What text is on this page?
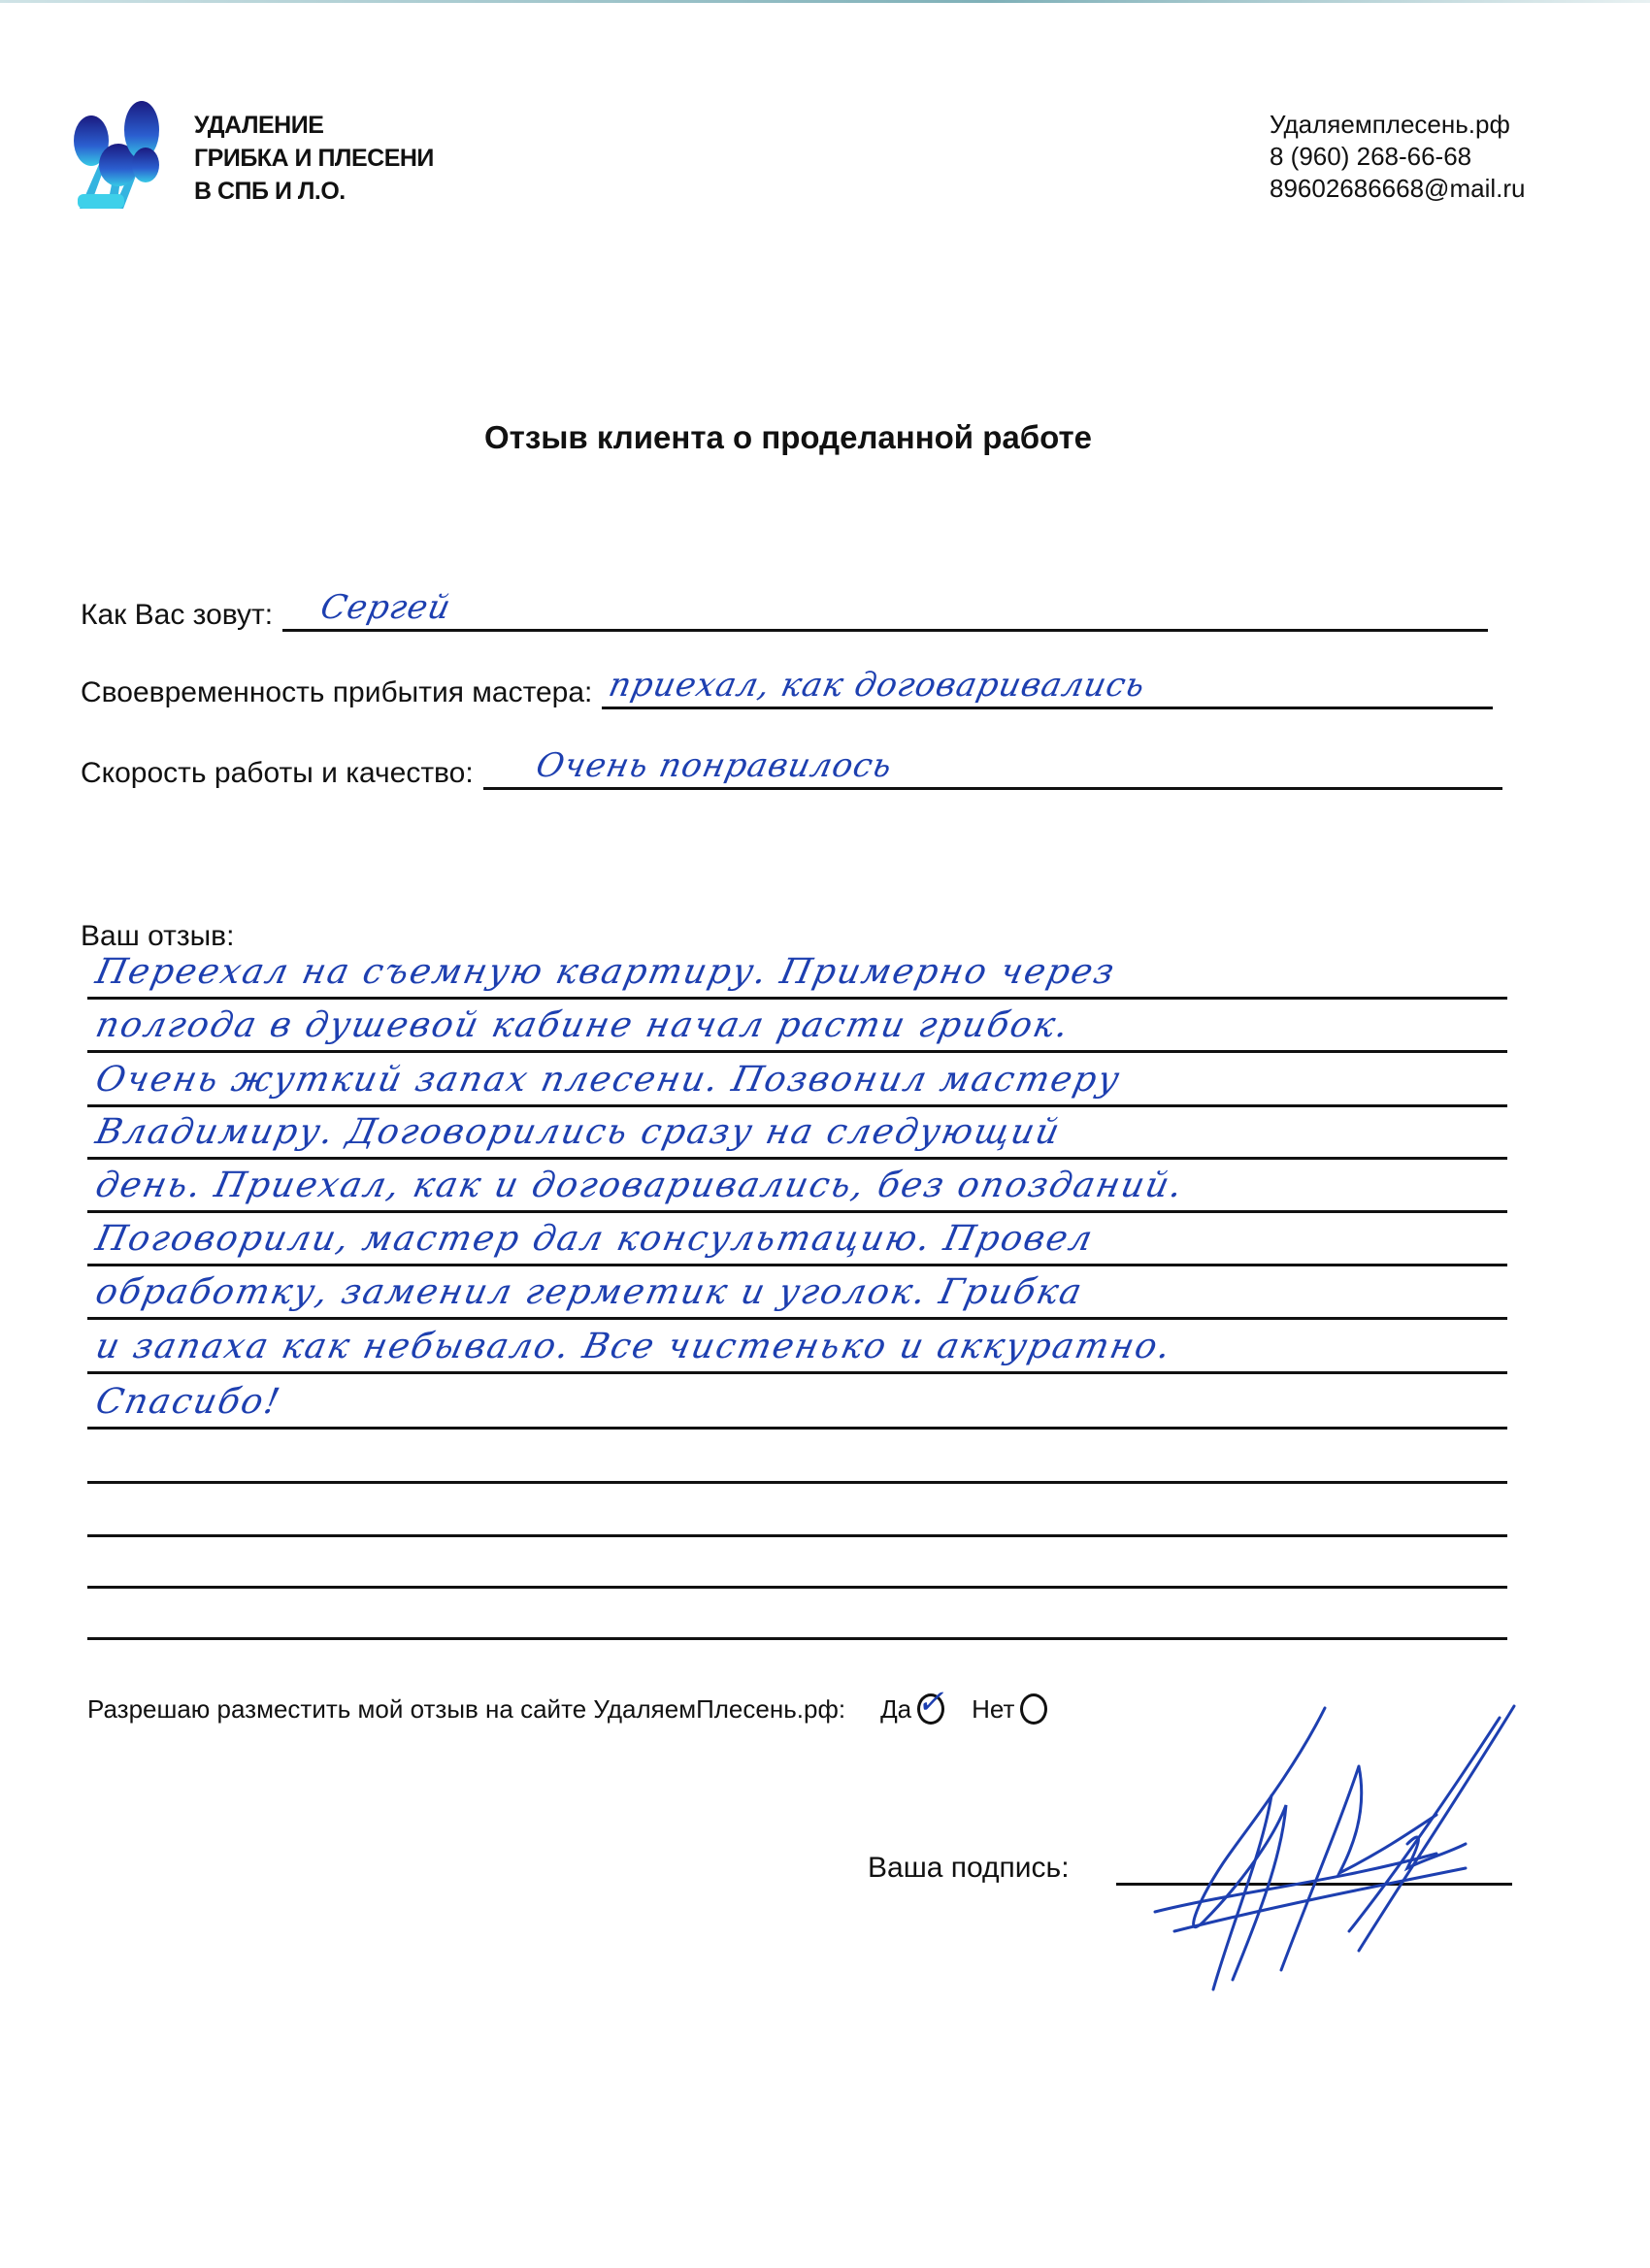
УДАЛЕНИЕ
ГРИБКА И ПЛЕСЕНИ
В СПБ И Л.О.
Удаляемплесень.рф
8 (960) 268-66-68
89602686668@mail.ru
Отзыв клиента о проделанной работе
Как Вас зовут: Сергей
Своевременность прибытия мастера: приехал, как договаривались
Скорость работы и качество: Очень понравилось
Ваш отзыв:
Переехал на съемную квартиру. Примерно через
полгода в душевой кабине начал расти грибок.
Очень жуткий запах плесени. Позвонил мастеру
Владимиру. Договорились сразу на следующий
день. Приехал, как и договаривались, без опозданий.
Поговорили, мастер дал консультацию. Провел
обработку, заменил герметик и уголок. Грибка
и запаха как небывало. Все чистенько и аккуратно.
Спасибо!
Разрешаю разместить мой отзыв на сайте УдаляемПлесень.рф: Да ✓ Нет
Ваша подпись:
